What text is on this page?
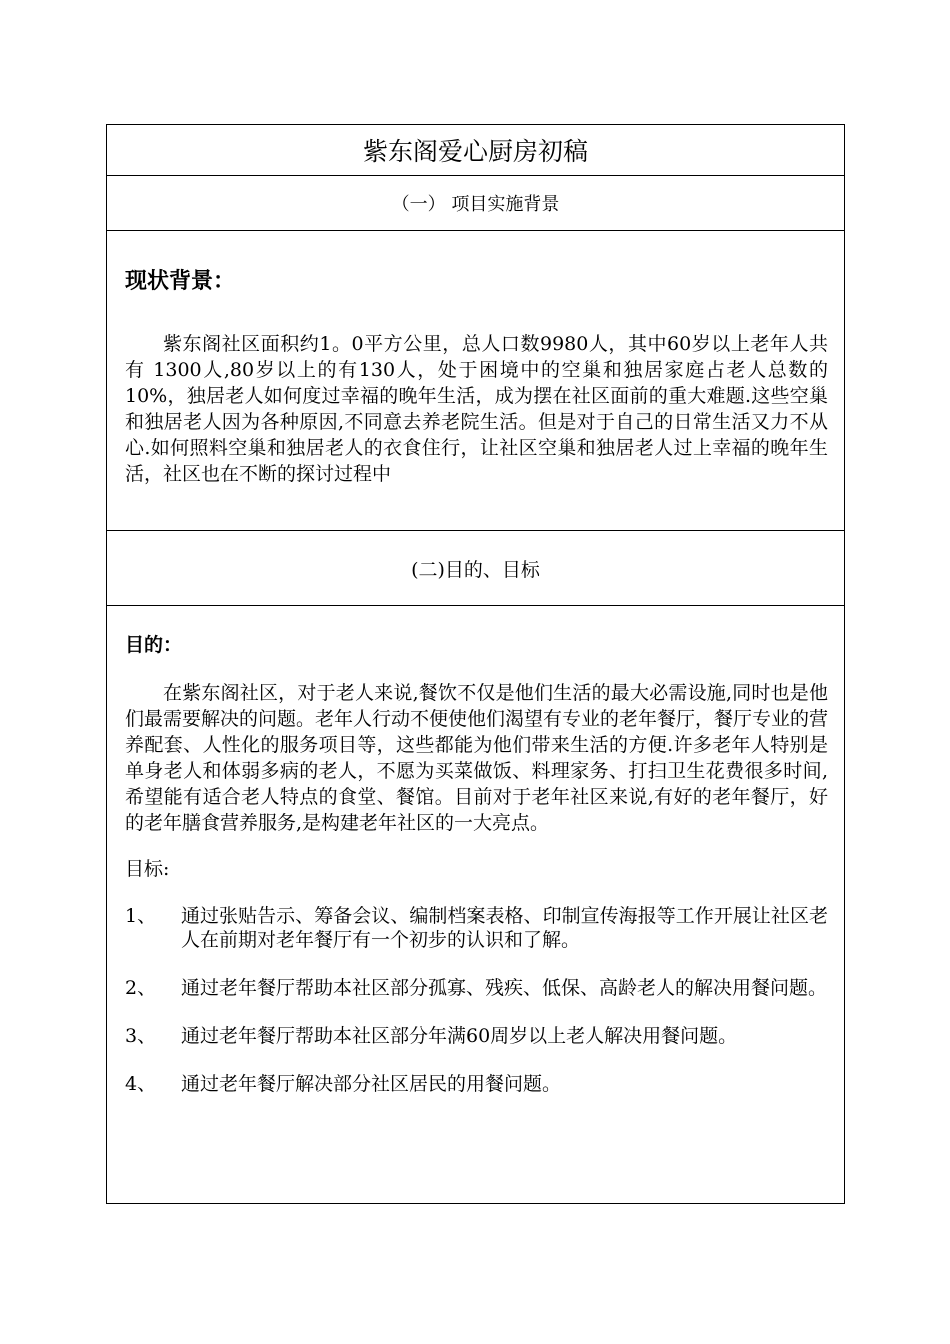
紫东阁爱心厨房初稿
（一） 项目实施背景
现状背景：

紫东阁社区面积约1。0平方公里，总人口数9980人，其中60岁以上老年人共有 1300人,80岁以上的有130人，处于困境中的空巢和独居家庭占老人总数的10%，独居老人如何度过幸福的晚年生活，成为摆在社区面前的重大难题.这些空巢和独居老人因为各种原因,不同意去养老院生活。但是对于自己的日常生活又力不从心.如何照料空巢和独居老人的衣食住行，让社区空巢和独居老人过上幸福的晚年生活，社区也在不断的探讨过程中

(二)目的、目标
目的：

在紫东阁社区，对于老人来说,餐饮不仅是他们生活的最大必需设施,同时也是他们最需要解决的问题。老年人行动不便使他们渴望有专业的老年餐厅，餐厅专业的营养配套、人性化的服务项目等，这些都能为他们带来生活的方便.许多老年人特别是单身老人和体弱多病的老人，不愿为买菜做饭、料理家务、打扫卫生花费很多时间,希望能有适合老人特点的食堂、餐馆。目前对于老年社区来说,有好的老年餐厅，好的老年膳食营养服务,是构建老年社区的一大亮点。

目标:
1、	通过张贴告示、筹备会议、编制档案表格、印制宣传海报等工作开展让社区老人在前期对老年餐厅有一个初步的认识和了解。
2、	通过老年餐厅帮助本社区部分孤寡、残疾、低保、高龄老人的解决用餐问题。
3、	通过老年餐厅帮助本社区部分年满60周岁以上老人解决用餐问题。
4、	通过老年餐厅解决部分社区居民的用餐问题。
